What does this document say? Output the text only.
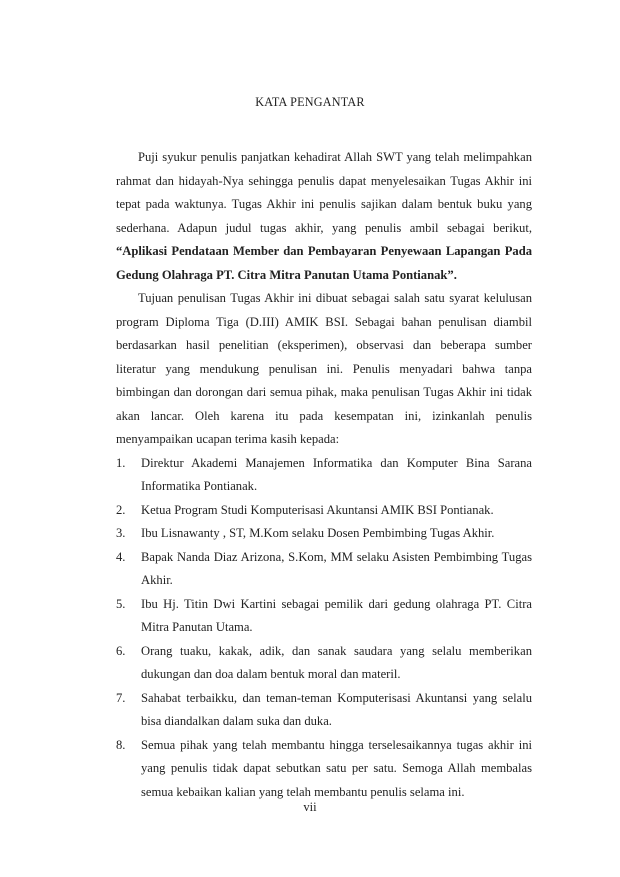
KATA PENGANTAR

Puji syukur penulis panjatkan kehadirat Allah SWT yang telah melimpahkan rahmat dan hidayah-Nya sehingga penulis dapat menyelesaikan Tugas Akhir ini tepat pada waktunya. Tugas Akhir ini penulis sajikan dalam bentuk buku yang sederhana. Adapun judul tugas akhir, yang penulis ambil sebagai berikut, “Aplikasi Pendataan Member dan Pembayaran Penyewaan Lapangan Pada Gedung Olahraga PT. Citra Mitra Panutan Utama Pontianak”.

Tujuan penulisan Tugas Akhir ini dibuat sebagai salah satu syarat kelulusan program Diploma Tiga (D.III) AMIK BSI. Sebagai bahan penulisan diambil berdasarkan hasil penelitian (eksperimen), observasi dan beberapa sumber literatur yang mendukung penulisan ini. Penulis menyadari bahwa tanpa bimbingan dan dorongan dari semua pihak, maka penulisan Tugas Akhir ini tidak akan lancar. Oleh karena itu pada kesempatan ini, izinkanlah penulis menyampaikan ucapan terima kasih kepada:

1. Direktur Akademi Manajemen Informatika dan Komputer Bina Sarana Informatika Pontianak.
2. Ketua Program Studi Komputerisasi Akuntansi AMIK BSI Pontianak.
3. Ibu Lisnawanty , ST, M.Kom selaku Dosen Pembimbing Tugas Akhir.
4. Bapak Nanda Diaz Arizona, S.Kom, MM selaku Asisten Pembimbing Tugas Akhir.
5. Ibu Hj. Titin Dwi Kartini sebagai pemilik dari gedung olahraga PT. Citra Mitra Panutan Utama.
6. Orang tuaku, kakak, adik, dan sanak saudara yang selalu memberikan dukungan dan doa dalam bentuk moral dan materil.
7. Sahabat terbaikku, dan teman-teman Komputerisasi Akuntansi yang selalu bisa diandalkan dalam suka dan duka.
8. Semua pihak yang telah membantu hingga terselesaikannya tugas akhir ini yang penulis tidak dapat sebutkan satu per satu. Semoga Allah membalas semua kebaikan kalian yang telah membantu penulis selama ini.
vii
